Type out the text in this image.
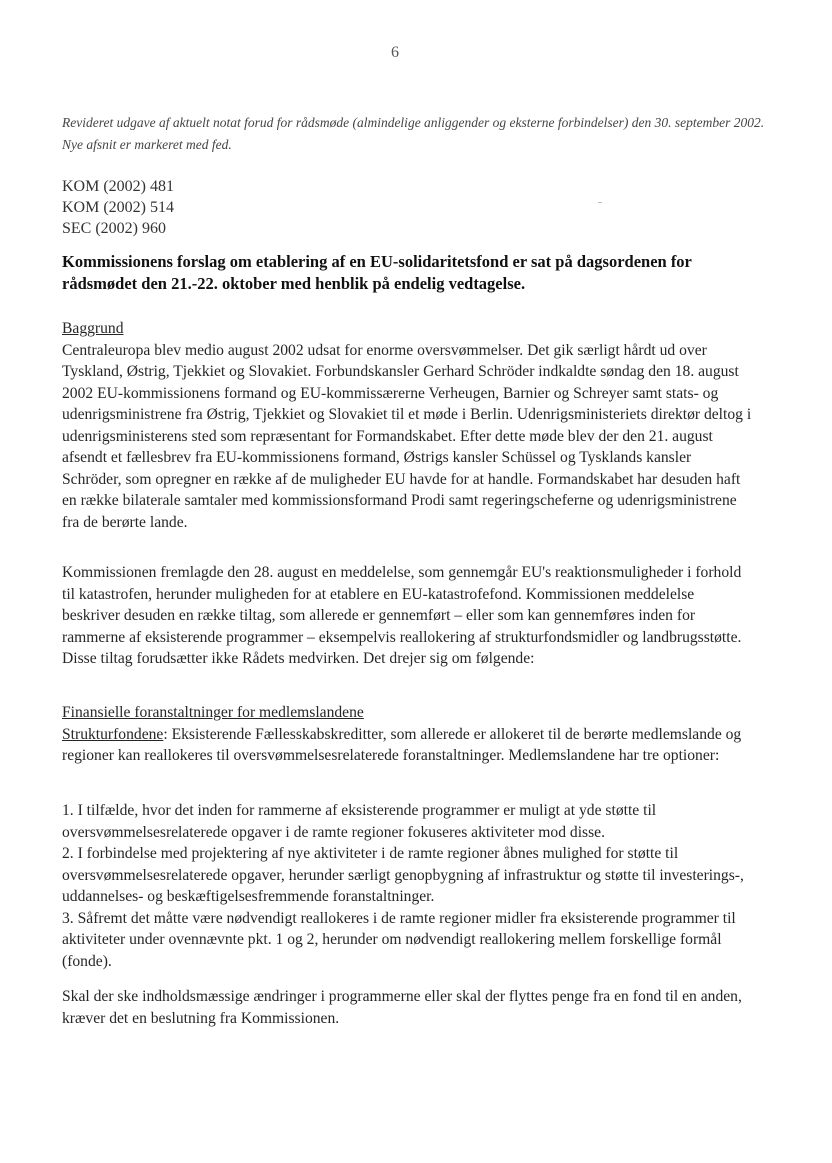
6
Revideret udgave af aktuelt notat forud for rådsmøde (almindelige anliggender og eksterne forbindelser) den 30. september 2002. Nye afsnit er markeret med fed.
KOM (2002) 481
KOM (2002) 514
SEC (2002) 960
Kommissionens forslag om etablering af en EU-solidaritetsfond er sat på dagsordenen for rådsmødet den 21.-22. oktober med henblik på endelig vedtagelse.

Baggrund

Centraleuropa blev medio august 2002 udsat for enorme oversvømmelser. Det gik særligt hårdt ud over Tyskland, Østrig, Tjekkiet og Slovakiet. Forbundskansler Gerhard Schröder indkaldte søndag den 18. august 2002 EU-kommissionens formand og EU-kommissærerne Verheugen, Barnier og Schreyer samt stats- og udenrigsministrene fra Østrig, Tjekkiet og Slovakiet til et møde i Berlin. Udenrigsministeriets direktør deltog i udenrigsministerens sted som repræsentant for Formandskabet. Efter dette møde blev der den 21. august afsendt et fællesbrev fra EU-kommissionens formand, Østrigs kansler Schüssel og Tysklands kansler Schröder, som opregner en række af de muligheder EU havde for at handle. Formandskabet har desuden haft en række bilaterale samtaler med kommissionsformand Prodi samt regeringscheferne og udenrigsministrene fra de berørte lande.

Kommissionen fremlagde den 28. august en meddelelse, som gennemgår EU's reaktionsmuligheder i forhold til katastrofen, herunder muligheden for at etablere en EU-katastrofefond. Kommissionen meddelelse beskriver desuden en række tiltag, som allerede er gennemført – eller som kan gennemføres inden for rammerne af eksisterende programmer – eksempelvis reallokering af strukturfondsmidler og landbrugsstøtte. Disse tiltag forudsætter ikke Rådets medvirken. Det drejer sig om følgende:

Finansielle foranstaltninger for medlemslandene

Strukturfondene: Eksisterende Fællesskabskreditter, som allerede er allokeret til de berørte medlemslande og regioner kan reallokeres til oversvømmelsesrelaterede foranstaltninger. Medlemslandene har tre optioner:

1. I tilfælde, hvor det inden for rammerne af eksisterende programmer er muligt at yde støtte til oversvømmelsesrelaterede opgaver i de ramte regioner fokuseres aktiviteter mod disse.

2. I forbindelse med projektering af nye aktiviteter i de ramte regioner åbnes mulighed for støtte til oversvømmelsesrelaterede opgaver, herunder særligt genopbygning af infrastruktur og støtte til investerings-, uddannelses- og beskæftigelsesfremmende foranstaltninger.

3. Såfremt det måtte være nødvendigt reallokeres i de ramte regioner midler fra eksisterende programmer til aktiviteter under ovennævnte pkt. 1 og 2, herunder om nødvendigt reallokering mellem forskellige formål (fonde).

Skal der ske indholdsmæssige ændringer i programmerne eller skal der flyttes penge fra en fond til en anden, kræver det en beslutning fra Kommissionen.
